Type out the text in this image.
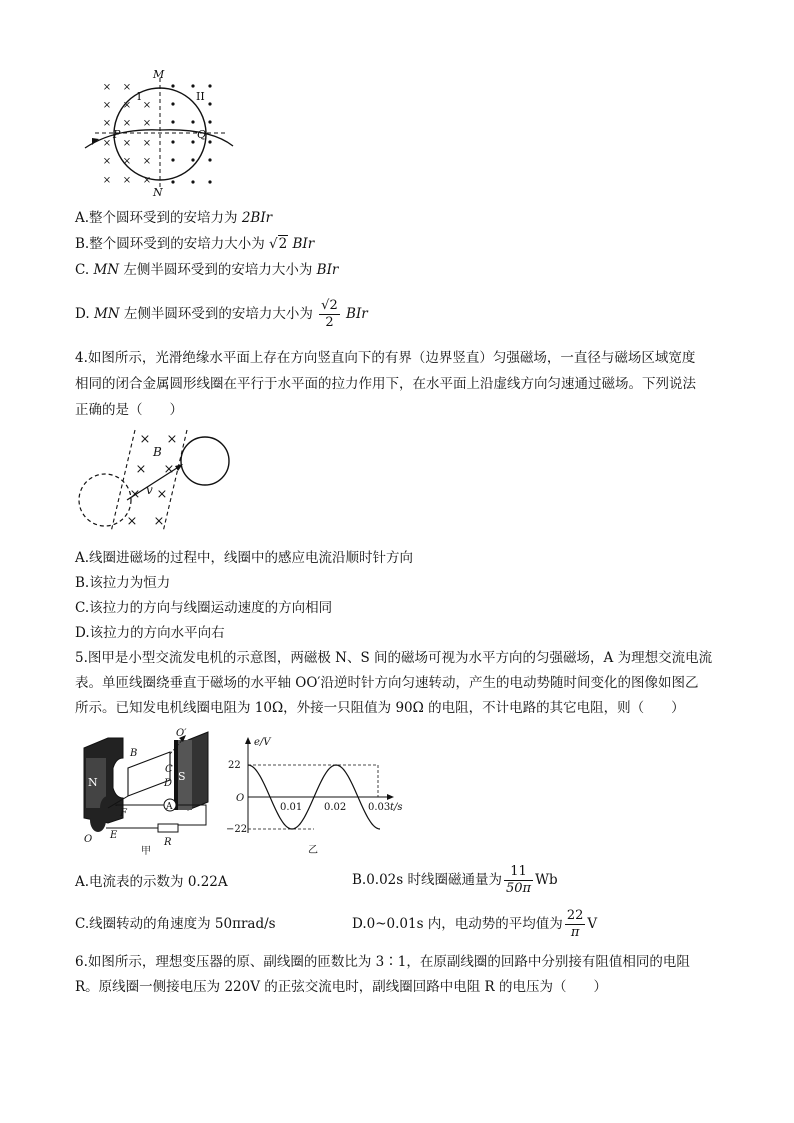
× ×
×
× ×
× × ×
× × ×
× × ×
× × ×
M
N
P	Q
I	II
A.整个圆环受到的安培力为 2BIr
B.整个圆环受到的安培力大小为 √2 BIr
C. MN 左侧半圆环受到的安培力大小为 BIr
D. MN 左侧半圆环受到的安培力大小为 $\frac{√2}{2}$ BIr
4.如图所示，光滑绝缘水平面上存在方向竖直向下的有界（边界竖直）匀强磁场，一直径与磁场区域宽度
相同的闭合金属圆形线圈在平行于水平面的拉力作用下，在水平面上沿虚线方向匀速通过磁场。下列说法
正确的是（　　）
× ×
× ×
× ×
× ×
B
v
A.线圈进磁场的过程中，线圈中的感应电流沿顺时针方向
B.该拉力为恒力
C.该拉力的方向与线圈运动速度的方向相同
D.该拉力的方向水平向右
5.图甲是小型交流发电机的示意图，两磁极 N、S 间的磁场可视为水平方向的匀强磁场，A 为理想交流电流
表。单匝线圈绕垂直于磁场的水平轴 OO′沿逆时针方向匀速转动，产生的电动势随时间变化的图像如图乙
所示。已知发电机线圈电阻为 10Ω，外接一只阻值为 90Ω 的电阻，不计电路的其它电阻，则（　　）
N	S
A
B
C
D
F
E
R
O
O′
甲
e/V
22
−22
O
0.01 0.02 0.03 t/s
乙
A.电流表的示数为 0.22A	B.0.02s 时线圈磁通量为 $\frac{11}{50\pi}$ Wb
C.线圈转动的角速度为 50πrad/s	D.0~0.01s 内，电动势的平均值为 $\frac{22}{\pi}$ V
6.如图所示，理想变压器的原、副线圈的匝数比为 3∶1，在原副线圈的回路中分别接有阻值相同的电阻
R。原线圈一侧接电压为 220V 的正弦交流电时，副线圈回路中电阻 R 的电压为（　　）
